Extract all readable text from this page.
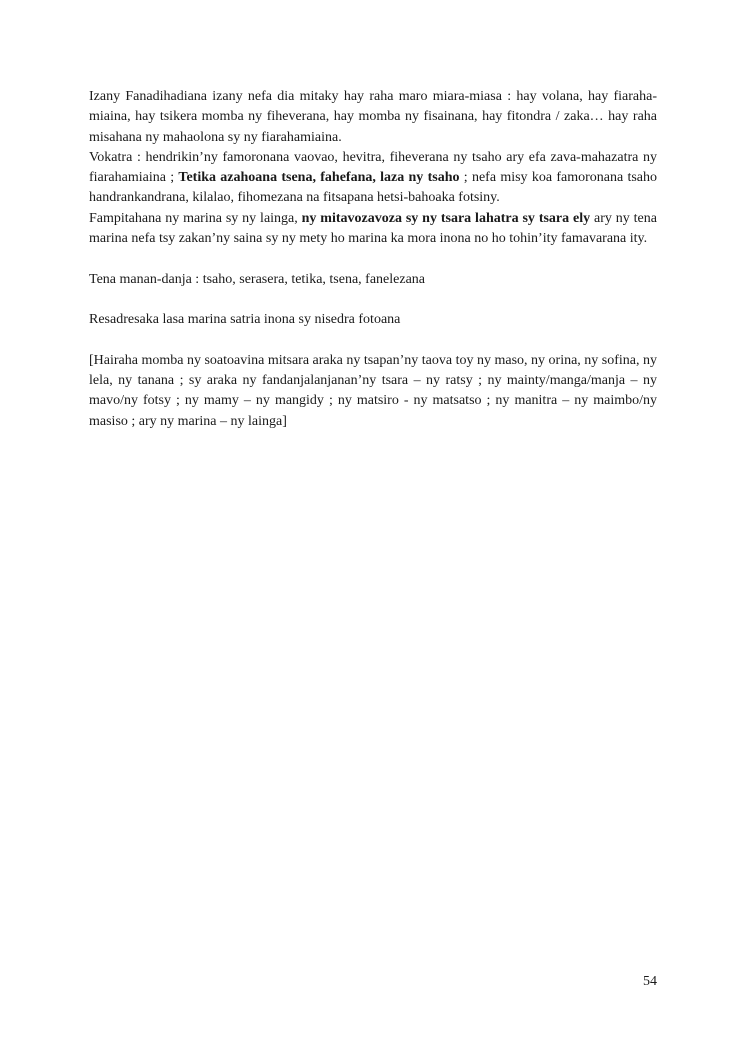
Izany Fanadihadiana izany nefa dia mitaky hay raha maro miara-miasa : hay volana, hay fiaraha-miaina, hay tsikera momba ny fiheverana, hay momba ny fisainana, hay fitondra / zaka… hay raha misahana ny mahaolona sy ny fiarahamiaina.

Vokatra : hendrikin’ny famoronana vaovao, hevitra, fiheverana ny tsaho ary efa zava-mahazatra ny fiarahamiaina ; Tetika azahoana tsena, fahefana, laza ny tsaho ; nefa misy koa famoronana tsaho handrankandrana, kilalao, fihomezana na fitsapana hetsi-bahoaka fotsiny.

Fampitahana ny marina sy ny lainga, ny mitavozavoza sy ny tsara lahatra sy tsara ely ary ny tena marina nefa tsy zakan’ny saina sy ny mety ho marina ka mora inona no ho tohin’ity famavarana ity.

Tena manan-danja : tsaho, serasera, tetika, tsena, fanelezana

Resadresaka lasa marina satria inona sy nisedra fotoana

[Hairaha momba ny soatoavina mitsara araka ny tsapan’ny taova toy ny maso, ny orina, ny sofina, ny lela, ny tanana ; sy araka ny fandanjalanjanan’ny tsara – ny ratsy ; ny mainty/manga/manja – ny mavo/ny fotsy ; ny mamy – ny mangidy ; ny matsiro - ny matsatso ; ny manitra – ny maimbo/ny masiso ; ary ny marina – ny lainga]

54
